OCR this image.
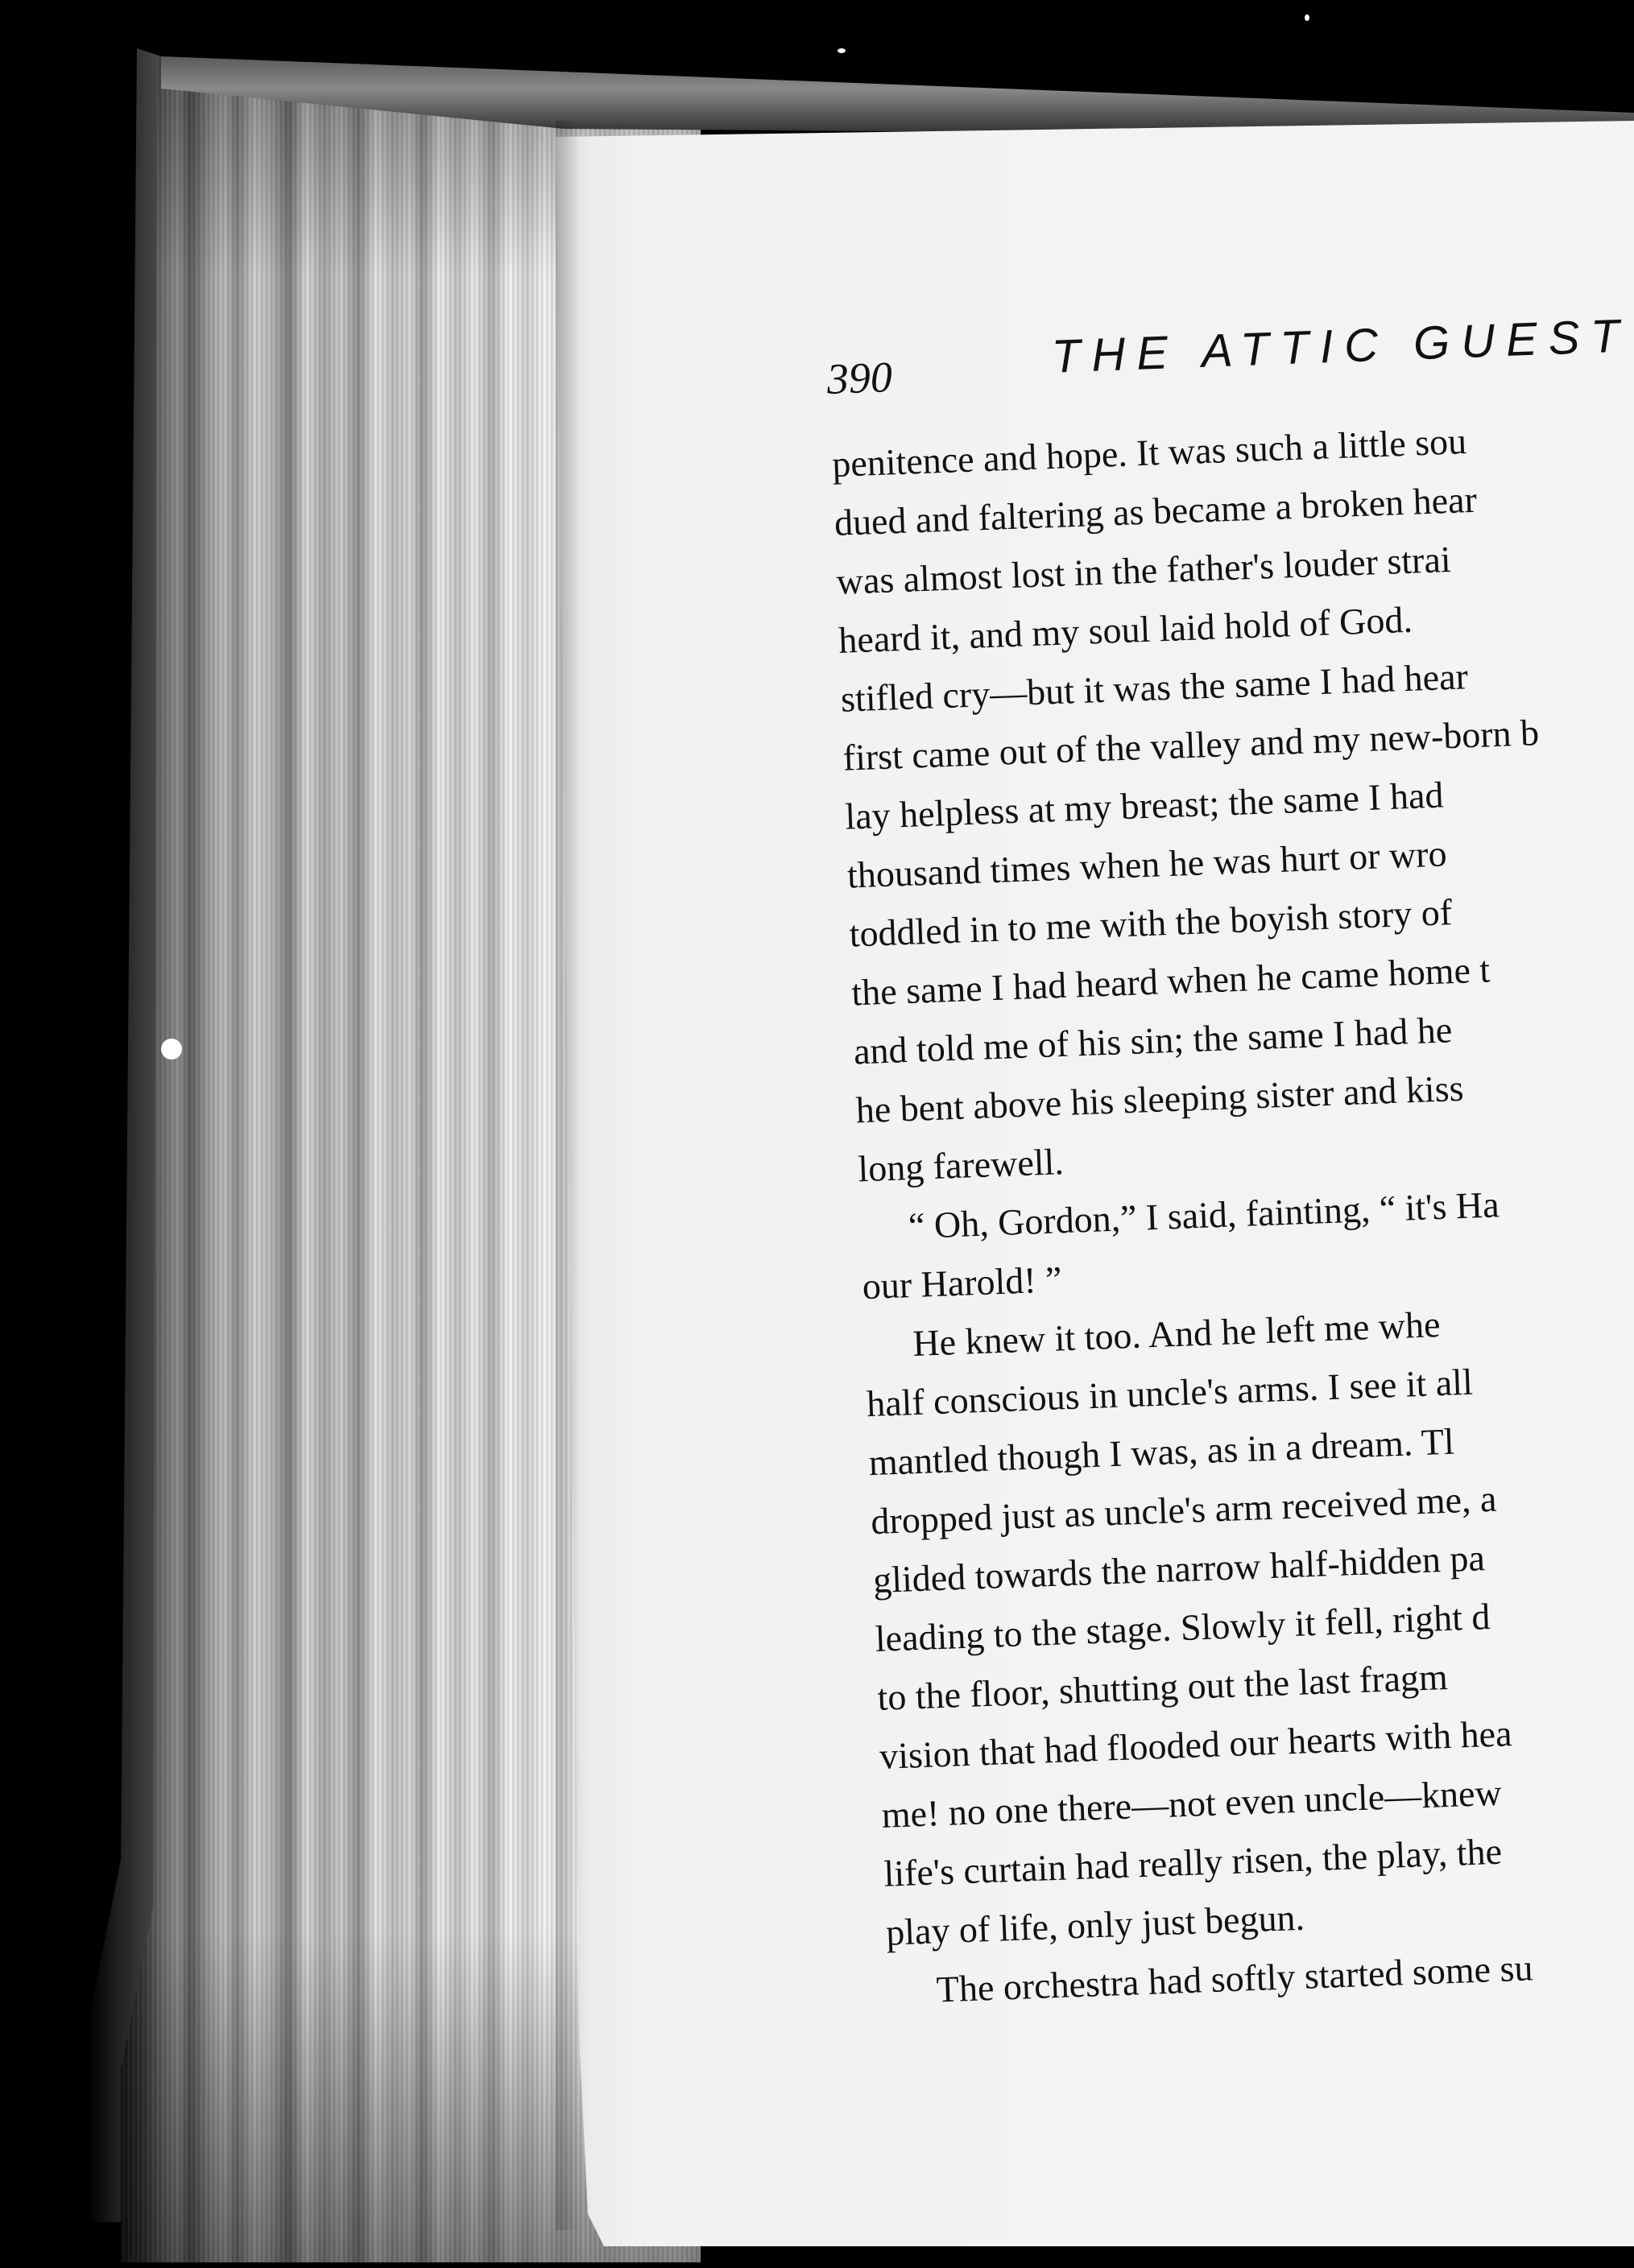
390	THE ATTIC GUEST
penitence and hope. It was such a little sou
dued and faltering as became a broken hear
was almost lost in the father's louder strai
heard it, and my soul laid hold of God.
stifled cry—but it was the same I had hear
first came out of the valley and my new-born b
lay helpless at my breast; the same I had
thousand times when he was hurt or wro
toddled in to me with the boyish story of
the same I had heard when he came home t
and told me of his sin; the same I had he
he bent above his sleeping sister and kiss
long farewell.
“ Oh, Gordon,” I said, fainting, “ it's Ha
our Harold! ”
He knew it too. And he left me whe
half conscious in uncle's arms. I see it all
mantled though I was, as in a dream. Tl
dropped just as uncle's arm received me, a
glided towards the narrow half-hidden pa
leading to the stage. Slowly it fell, right d
to the floor, shutting out the last fragm
vision that had flooded our hearts with hea
me! no one there—not even uncle—knew
life's curtain had really risen, the play, the
play of life, only just begun.
The orchestra had softly started some su
